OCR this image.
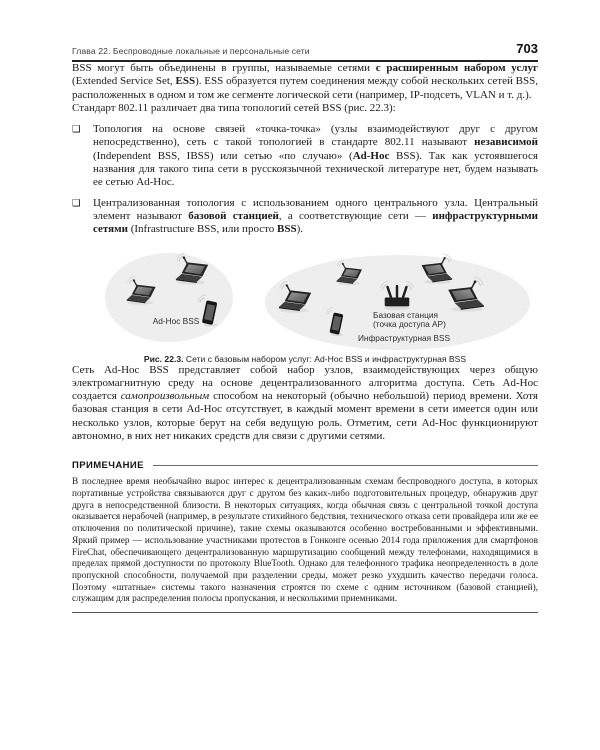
Глава 22. Беспроводные локальные и персональные сети	703

BSS могут быть объединены в группы, называемые сетями с расширенным набором услуг (Extended Service Set, ESS). ESS образуется путем соединения между собой нескольких сетей BSS, расположенных в одном и том же сегменте логической сети (например, IP-подсеть, VLAN и т. д.).

Стандарт 802.11 различает два типа топологий сетей BSS (рис. 22.3):

❑	Топология на основе связей «точка-точка» (узлы взаимодействуют друг с другом непосредственно), сеть с такой топологией в стандарте 802.11 называют независимой (Independent BSS, IBSS) или сетью «по случаю» (Ad-Hoc BSS). Так как устоявшегося названия для такого типа сети в русскоязычной технической литературе нет, будем называть ее сетью Ad-Hoc.
❑	Централизованная топология с использованием одного центрального узла. Центральный элемент называют базовой станцией, а соответствующие сети — инфраструктурными сетями (Infrastructure BSS, или просто BSS).
Ad-Hoc BSS
Базовая станция
(точка доступа AP)
Инфраструктурная BSS
Рис. 22.3. Сети с базовым набором услуг: Ad-Hoc BSS и инфраструктурная BSS

Сеть Ad-Hoc BSS представляет собой набор узлов, взаимодействующих через общую электромагнитную среду на основе децентрализованного алгоритма доступа. Сеть Ad-Hoc создается самопроизвольным способом на некоторый (обычно небольшой) период времени. Хотя базовая станция в сети Ad-Hoc отсутствует, в каждый момент времени в сети имеется один или несколько узлов, которые берут на себя ведущую роль. Отметим, сети Ad-Hoc функционируют автономно, в них нет никаких средств для связи с другими сетями.

ПРИМЕЧАНИЕ

В последнее время необычайно вырос интерес к децентрализованным схемам беспроводного доступа, в которых портативные устройства связываются друг с другом без каких-либо подготовительных процедур, обнаружив друг друга в непосредственной близости. В некоторых ситуациях, когда обычная связь с центральной точкой доступа оказывается нерабочей (например, в результате стихийного бедствия, технического отказа сети провайдера или же ее отключения по политической причине), такие схемы оказываются особенно востребованными и эффективными. Яркий пример — использование участниками протестов в Гонконге осенью 2014 года приложения для смартфонов FireChat, обеспечивающего децентрализованную маршрутизацию сообщений между телефонами, находящимися в пределах прямой доступности по протоколу BlueTooth. Однако для телефонного трафика неопределенность в доле пропускной способности, получаемой при разделении среды, может резко ухудшить качество передачи голоса. Поэтому «штатные» системы такого назначения строятся по схеме с одним источником (базовой станцией), служащим для распределения полосы пропускания, и несколькими приемниками.
